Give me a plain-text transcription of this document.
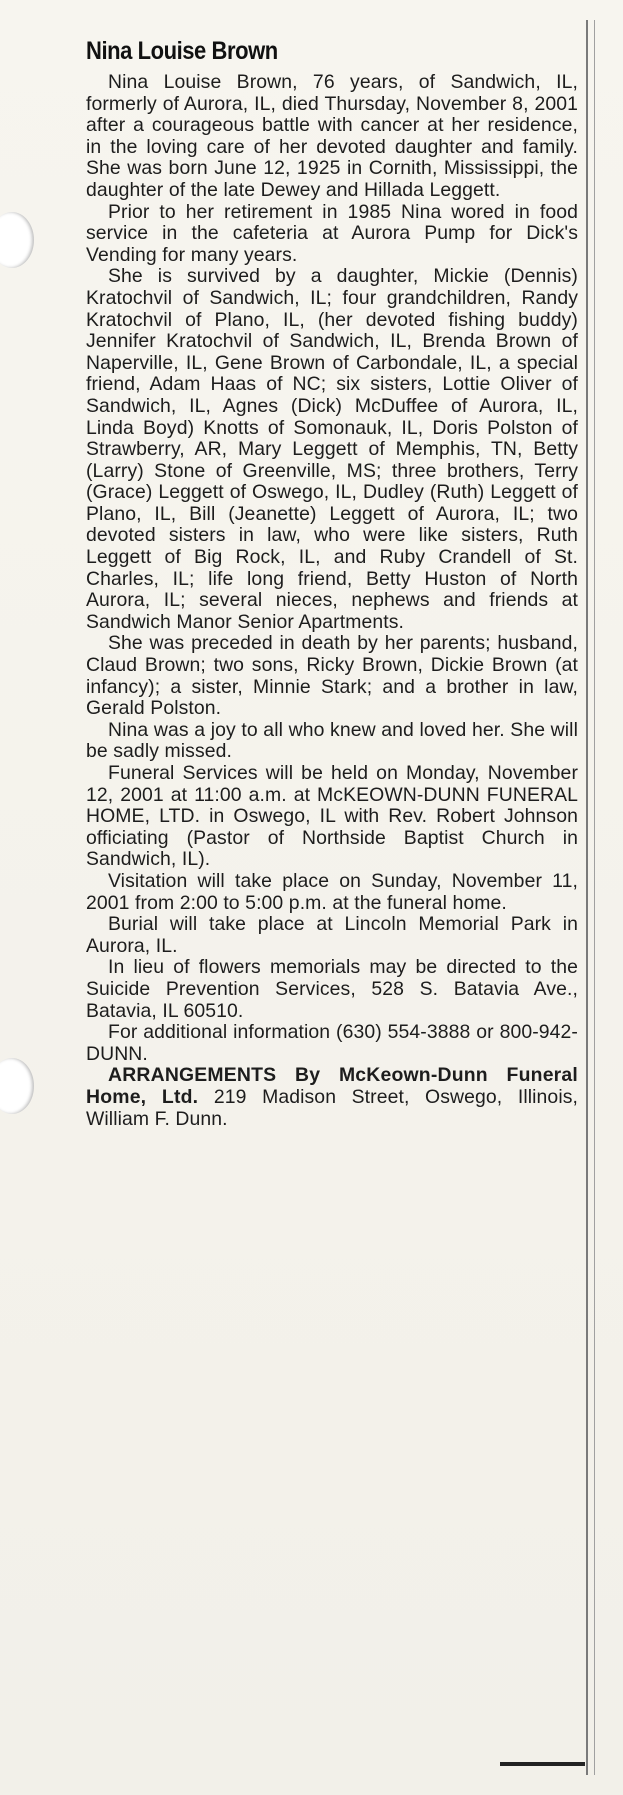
Nina Louise Brown

Nina Louise Brown, 76 years, of Sandwich, IL, formerly of Aurora, IL, died Thursday, November 8, 2001 after a courageous battle with cancer at her residence, in the loving care of her devoted daughter and family. She was born June 12, 1925 in Cornith, Mississippi, the daughter of the late Dewey and Hillada Leggett.

Prior to her retirement in 1985 Nina wored in food service in the cafeteria at Aurora Pump for Dick's Vending for many years.

She is survived by a daughter, Mickie (Dennis) Kratochvil of Sandwich, IL; four grandchildren, Randy Kratochvil of Plano, IL, (her devoted fishing buddy) Jennifer Kratochvil of Sandwich, IL, Brenda Brown of Naperville, IL, Gene Brown of Carbondale, IL, a special friend, Adam Haas of NC; six sisters, Lottie Oliver of Sandwich, IL, Agnes (Dick) McDuffee of Aurora, IL, Linda Boyd) Knotts of Somonauk, IL, Doris Polston of Strawberry, AR, Mary Leggett of Memphis, TN, Betty (Larry) Stone of Greenville, MS; three brothers, Terry (Grace) Leggett of Oswego, IL, Dudley (Ruth) Leggett of Plano, IL, Bill (Jeanette) Leggett of Aurora, IL; two devoted sisters in law, who were like sisters, Ruth Leggett of Big Rock, IL, and Ruby Crandell of St. Charles, IL; life long friend, Betty Huston of North Aurora, IL; several nieces, nephews and friends at Sandwich Manor Senior Apartments.

She was preceded in death by her parents; husband, Claud Brown; two sons, Ricky Brown, Dickie Brown (at infancy); a sister, Minnie Stark; and a brother in law, Gerald Polston.

Nina was a joy to all who knew and loved her. She will be sadly missed.

Funeral Services will be held on Monday, November 12, 2001 at 11:00 a.m. at McKEOWN-DUNN FUNERAL HOME, LTD. in Oswego, IL with Rev. Robert Johnson officiating (Pastor of Northside Baptist Church in Sandwich, IL).

Visitation will take place on Sunday, November 11, 2001 from 2:00 to 5:00 p.m. at the funeral home.

Burial will take place at Lincoln Memorial Park in Aurora, IL.

In lieu of flowers memorials may be directed to the Suicide Prevention Services, 528 S. Batavia Ave., Batavia, IL 60510.

For additional information (630) 554-3888 or 800-942-DUNN.

ARRANGEMENTS By McKeown-Dunn Funeral Home, Ltd. 219 Madison Street, Oswego, Illinois, William F. Dunn.
